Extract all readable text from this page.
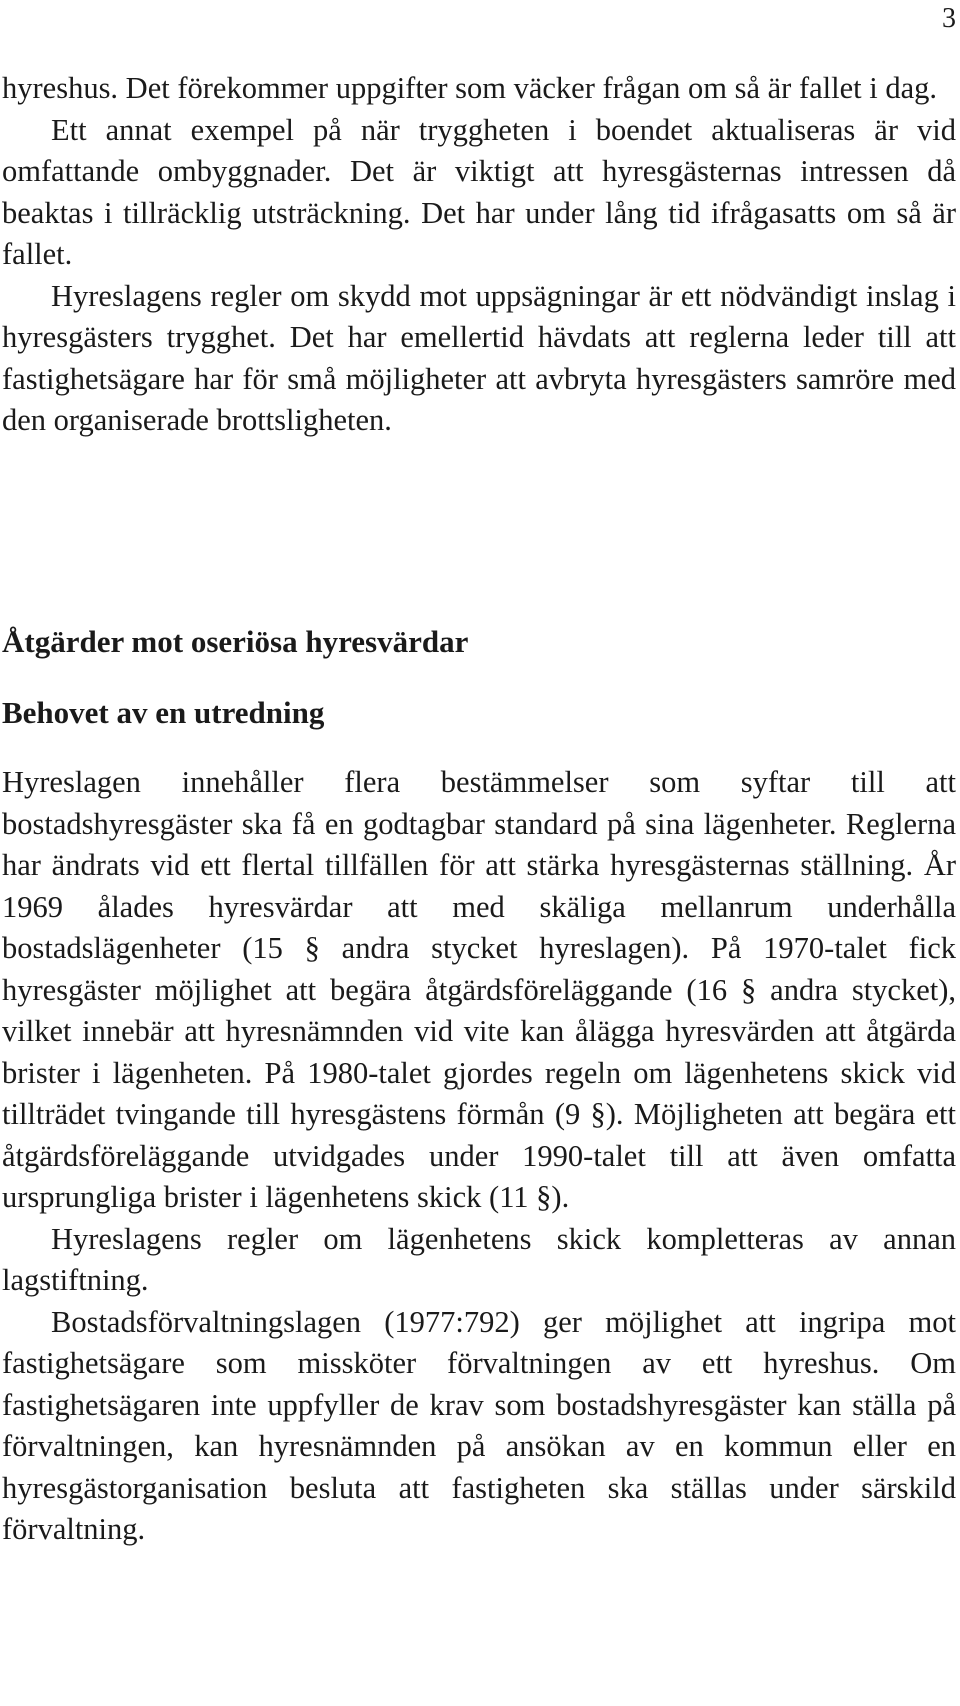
3

hyreshus. Det förekommer uppgifter som väcker frågan om så är fallet i dag.

Ett annat exempel på när tryggheten i boendet aktualiseras är vid omfattande ombyggnader. Det är viktigt att hyresgästernas intressen då beaktas i tillräcklig utsträckning. Det har under lång tid ifrågasatts om så är fallet.

Hyreslagens regler om skydd mot uppsägningar är ett nödvändigt inslag i hyresgästers trygghet. Det har emellertid hävdats att reglerna leder till att fastighetsägare har för små möjligheter att avbryta hyresgästers samröre med den organiserade brottsligheten.

Åtgärder mot oseriösa hyresvärdar
Behovet av en utredning

Hyreslagen innehåller flera bestämmelser som syftar till att bostadshyresgäster ska få en godtagbar standard på sina lägenheter. Reglerna har ändrats vid ett flertal tillfällen för att stärka hyresgästernas ställning. År 1969 ålades hyresvärdar att med skäliga mellanrum underhålla bostadslägenheter (15 § andra stycket hyreslagen). På 1970-talet fick hyresgäster möjlighet att begära åtgärdsföreläggande (16 § andra stycket), vilket innebär att hyresnämnden vid vite kan ålägga hyresvärden att åtgärda brister i lägenheten. På 1980-talet gjordes regeln om lägenhetens skick vid tillträdet tvingande till hyresgästens förmån (9 §). Möjligheten att begära ett åtgärdsföreläggande utvidgades under 1990-talet till att även omfatta ursprungliga brister i lägenhetens skick (11 §).

Hyreslagens regler om lägenhetens skick kompletteras av annan lagstiftning.

Bostadsförvaltningslagen (1977:792) ger möjlighet att ingripa mot fastighetsägare som missköter förvaltningen av ett hyreshus. Om fastighetsägaren inte uppfyller de krav som bostadshyresgäster kan ställa på förvaltningen, kan hyresnämnden på ansökan av en kommun eller en hyresgästorganisation besluta att fastigheten ska ställas under särskild förvaltning.
